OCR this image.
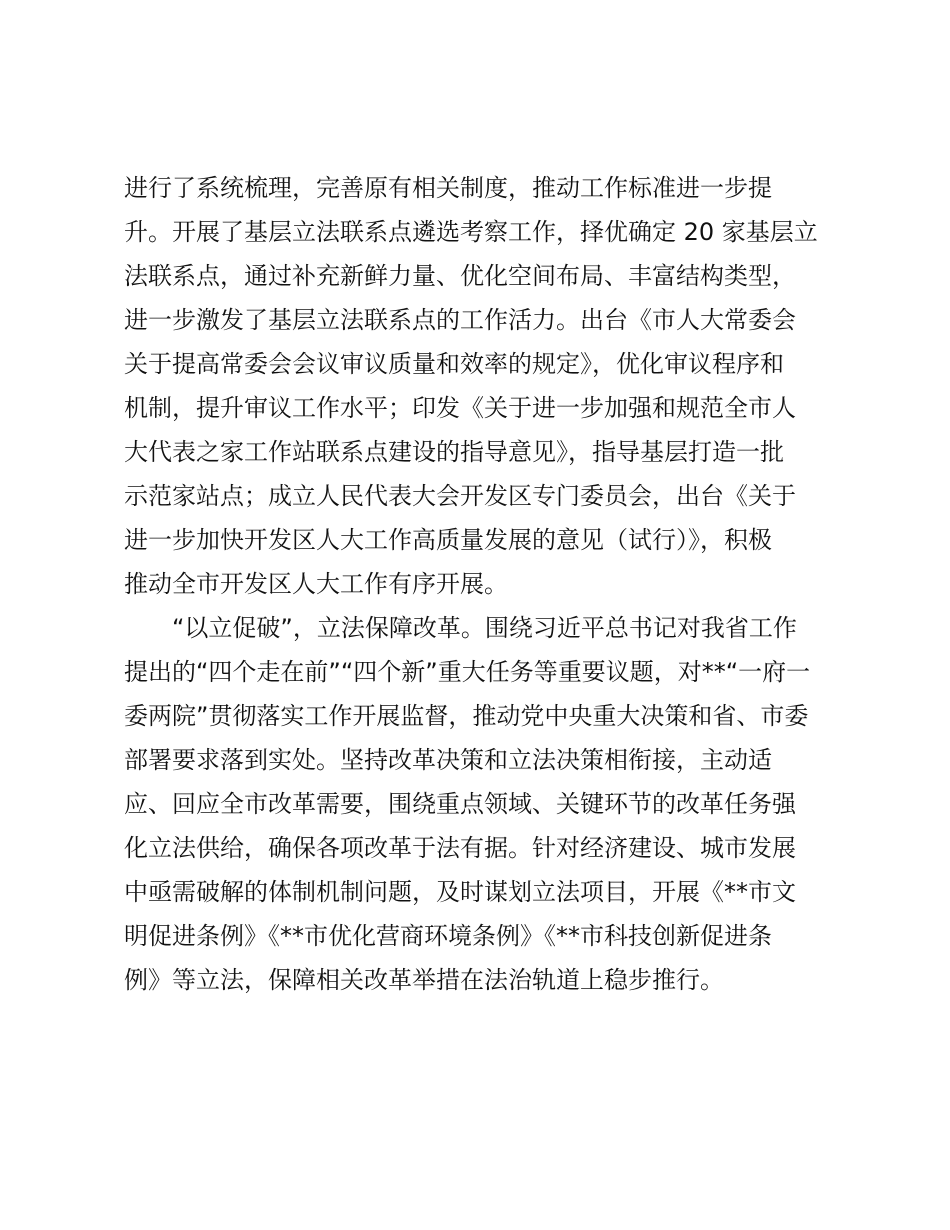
进行了系统梳理，完善原有相关制度，推动工作标准进一步提
升。开展了基层立法联系点遴选考察工作，择优确定 20 家基层立
法联系点，通过补充新鲜力量、优化空间布局、丰富结构类型，
进一步激发了基层立法联系点的工作活力。出台《市人大常委会
关于提高常委会会议审议质量和效率的规定》，优化审议程序和
机制，提升审议工作水平；印发《关于进一步加强和规范全市人
大代表之家工作站联系点建设的指导意见》，指导基层打造一批
示范家站点；成立人民代表大会开发区专门委员会，出台《关于
进一步加快开发区人大工作高质量发展的意见（试行）》，积极
推动全市开发区人大工作有序开展。
“以立促破”，立法保障改革。围绕习近平总书记对我省工作
提出的“四个走在前”“四个新”重大任务等重要议题，对**“一府一
委两院”贯彻落实工作开展监督，推动党中央重大决策和省、市委
部署要求落到实处。坚持改革决策和立法决策相衔接，主动适
应、回应全市改革需要，围绕重点领域、关键环节的改革任务强
化立法供给，确保各项改革于法有据。针对经济建设、城市发展
中亟需破解的体制机制问题，及时谋划立法项目，开展《**市文
明促进条例》《**市优化营商环境条例》《**市科技创新促进条
例》等立法，保障相关改革举措在法治轨道上稳步推行。
